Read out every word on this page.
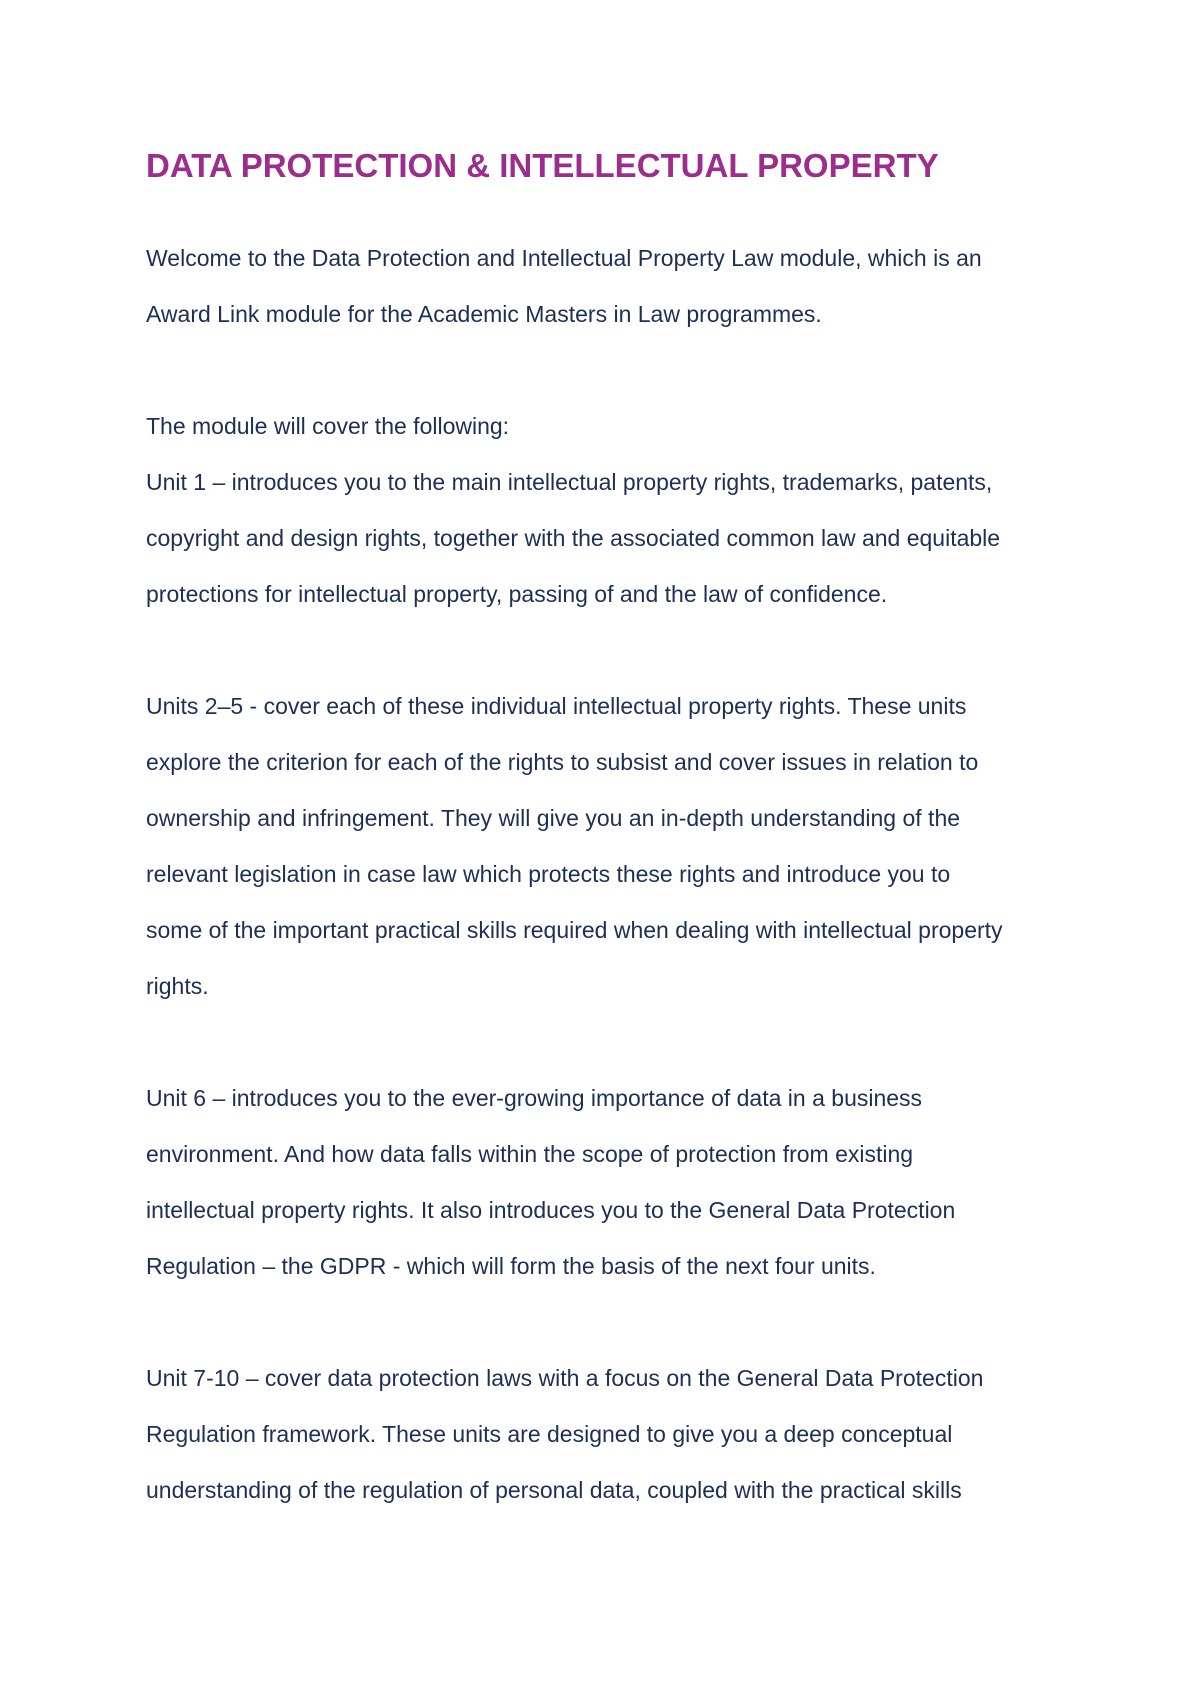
DATA PROTECTION & INTELLECTUAL PROPERTY

Welcome to the Data Protection and Intellectual Property Law module, which is an
Award Link module for the Academic Masters in Law programmes.

The module will cover the following:
Unit 1 – introduces you to the main intellectual property rights, trademarks, patents,
copyright and design rights, together with the associated common law and equitable
protections for intellectual property, passing of and the law of confidence.

Units 2–5 - cover each of these individual intellectual property rights. These units
explore the criterion for each of the rights to subsist and cover issues in relation to
ownership and infringement. They will give you an in-depth understanding of the
relevant legislation in case law which protects these rights and introduce you to
some of the important practical skills required when dealing with intellectual property
rights.

Unit 6 – introduces you to the ever-growing importance of data in a business
environment. And how data falls within the scope of protection from existing
intellectual property rights. It also introduces you to the General Data Protection
Regulation – the GDPR - which will form the basis of the next four units.

Unit 7-10 – cover data protection laws with a focus on the General Data Protection
Regulation framework. These units are designed to give you a deep conceptual
understanding of the regulation of personal data, coupled with the practical skills
